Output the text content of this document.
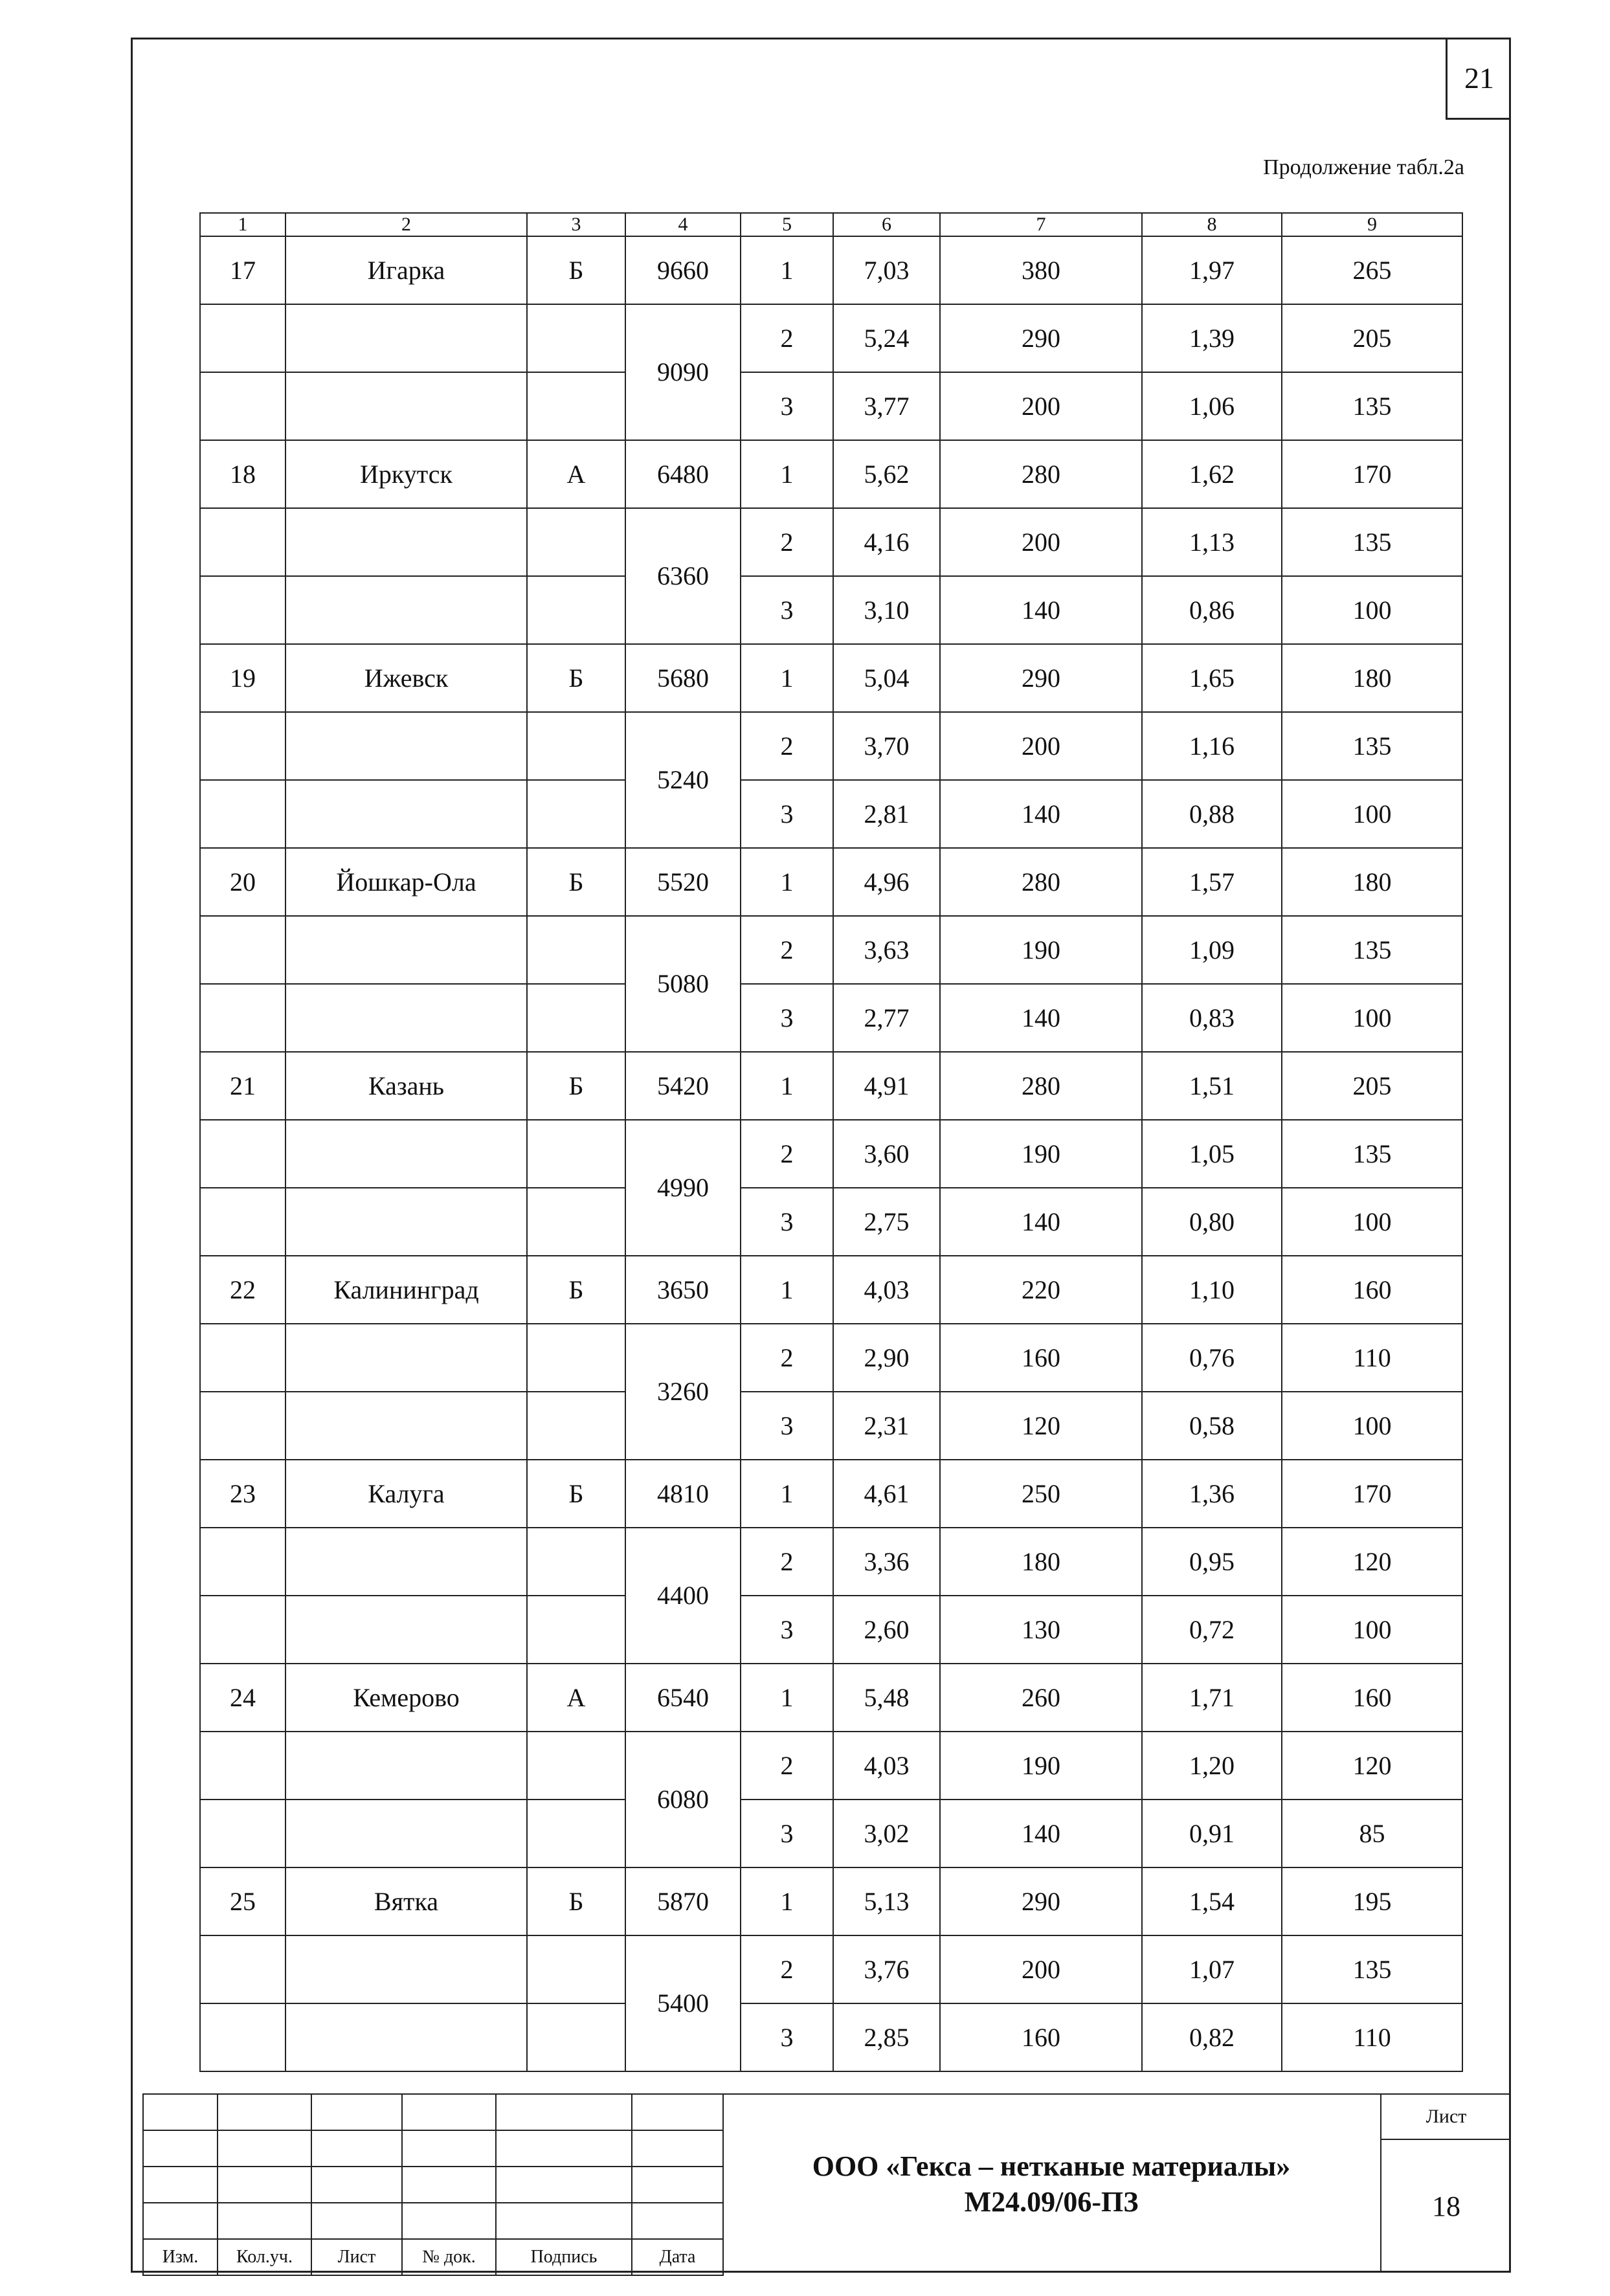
21
Продолжение табл.2а
1	2	3	4	5	6	7	8	9
17	Игарка	Б	9660	1	7,03	380	1,97	265
			9090	2	5,24	290	1,39	205
				3	3,77	200	1,06	135
18	Иркутск	А	6480	1	5,62	280	1,62	170
			6360	2	4,16	200	1,13	135
				3	3,10	140	0,86	100
19	Ижевск	Б	5680	1	5,04	290	1,65	180
			5240	2	3,70	200	1,16	135
				3	2,81	140	0,88	100
20	Йошкар-Ола	Б	5520	1	4,96	280	1,57	180
			5080	2	3,63	190	1,09	135
				3	2,77	140	0,83	100
21	Казань	Б	5420	1	4,91	280	1,51	205
			4990	2	3,60	190	1,05	135
				3	2,75	140	0,80	100
22	Калининград	Б	3650	1	4,03	220	1,10	160
			3260	2	2,90	160	0,76	110
				3	2,31	120	0,58	100
23	Калуга	Б	4810	1	4,61	250	1,36	170
			4400	2	3,36	180	0,95	120
				3	2,60	130	0,72	100
24	Кемерово	А	6540	1	5,48	260	1,71	160
			6080	2	4,03	190	1,20	120
				3	3,02	140	0,91	85
25	Вятка	Б	5870	1	5,13	290	1,54	195
			5400	2	3,76	200	1,07	135
				3	2,85	160	0,82	110

Изм.	Кол.уч.	Лист	№ док.	Подпись	Дата
ООО «Гекса – нетканые материалы»
М24.09/06-ПЗ
Лист
18
